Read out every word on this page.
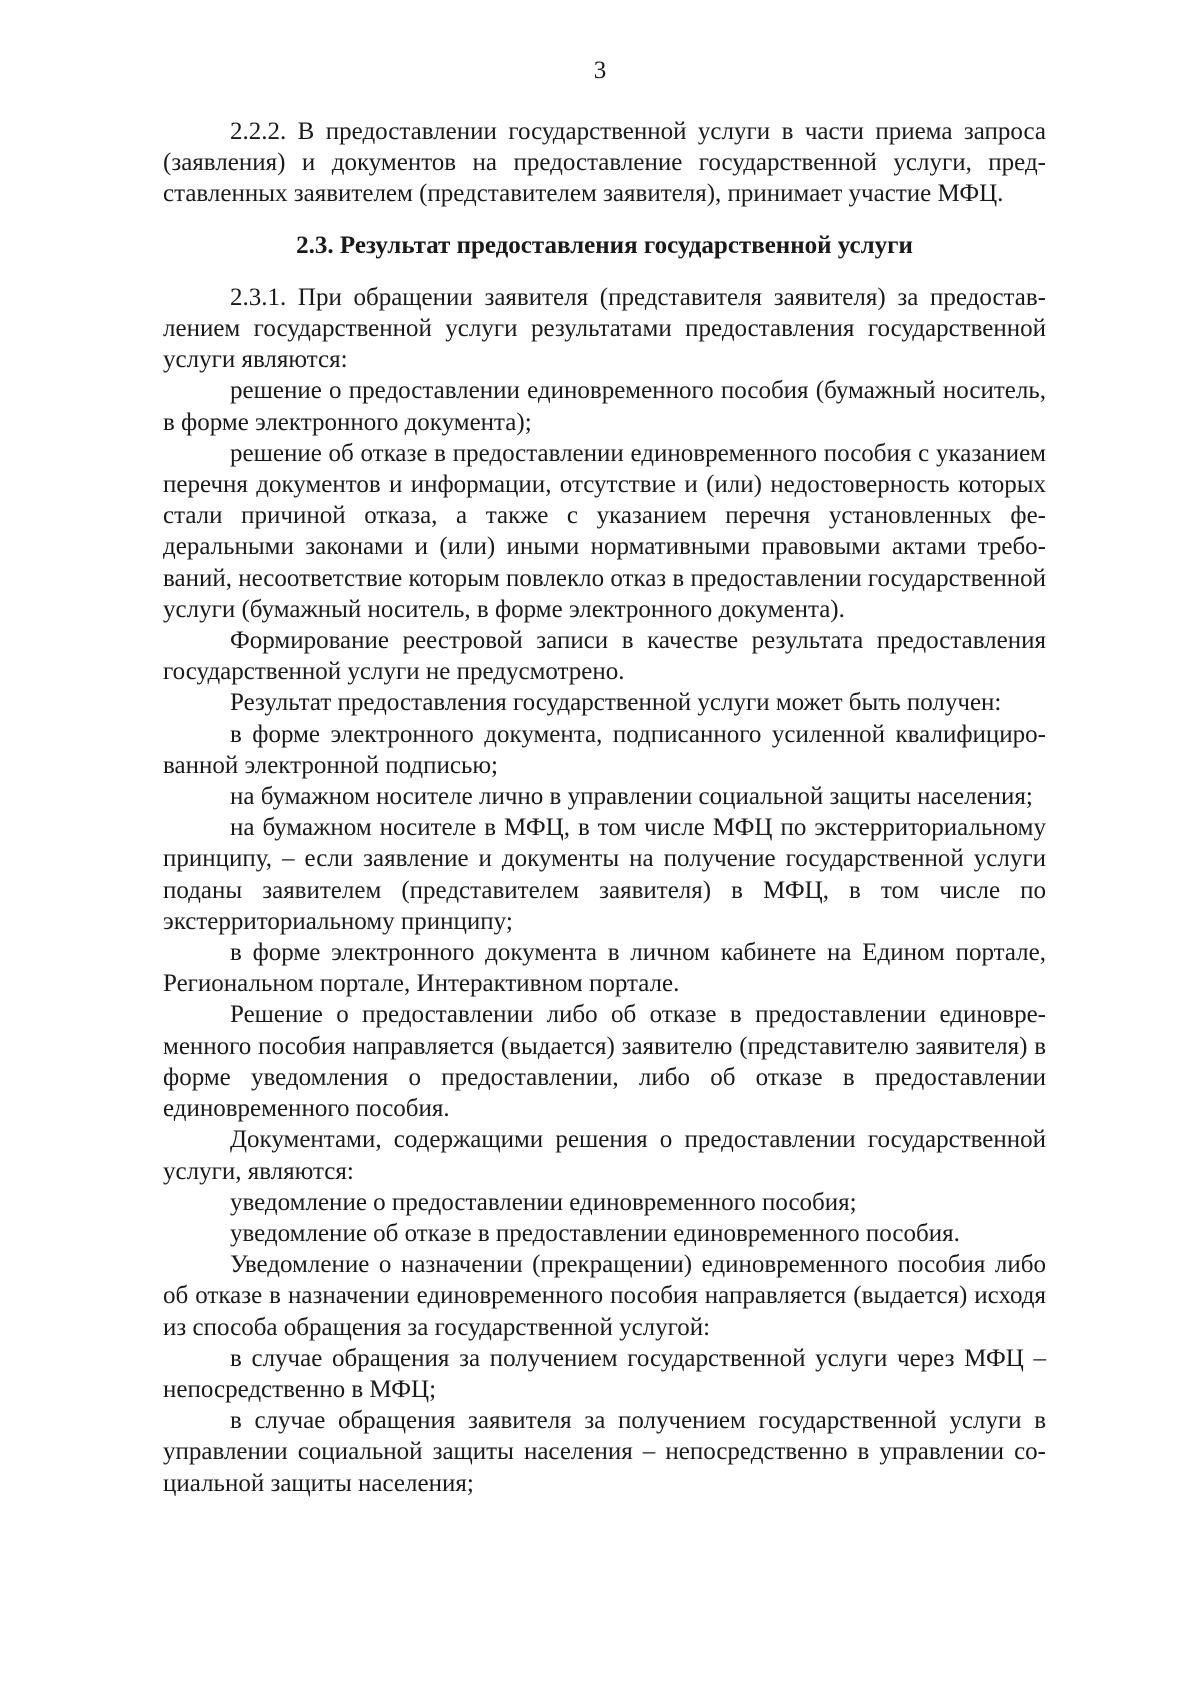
3

2.2.2. В предоставлении государственной услуги в части приема запроса (заявления) и документов на предоставление государственной услуги, представленных заявителем (представителем заявителя), принимает участие МФЦ.

2.3. Результат предоставления государственной услуги

2.3.1. При обращении заявителя (представителя заявителя) за предоставлением государственной услуги результатами предоставления государственной услуги являются:

решение о предоставлении единовременного пособия (бумажный носитель, в форме электронного документа);

решение об отказе в предоставлении единовременного пособия с указанием перечня документов и информации, отсутствие и (или) недостоверность которых стали причиной отказа, а также с указанием перечня установленных федеральными законами и (или) иными нормативными правовыми актами требований, несоответствие которым повлекло отказ в предоставлении государственной услуги (бумажный носитель, в форме электронного документа).

Формирование реестровой записи в качестве результата предоставления государственной услуги не предусмотрено.

Результат предоставления государственной услуги может быть получен:

в форме электронного документа, подписанного усиленной квалифицированной электронной подписью;

на бумажном носителе лично в управлении социальной защиты населения;

на бумажном носителе в МФЦ, в том числе МФЦ по экстерриториальному принципу, – если заявление и документы на получение государственной услуги поданы заявителем (представителем заявителя) в МФЦ, в том числе по экстерриториальному принципу;

в форме электронного документа в личном кабинете на Едином портале, Региональном портале, Интерактивном портале.

Решение о предоставлении либо об отказе в предоставлении единовременного пособия направляется (выдается) заявителю (представителю заявителя) в форме уведомления о предоставлении, либо об отказе в предоставлении единовременного пособия.

Документами, содержащими решения о предоставлении государственной услуги, являются:

уведомление о предоставлении единовременного пособия;

уведомление об отказе в предоставлении единовременного пособия.

Уведомление о назначении (прекращении) единовременного пособия либо об отказе в назначении единовременного пособия направляется (выдается) исходя из способа обращения за государственной услугой:

в случае обращения за получением государственной услуги через МФЦ – непосредственно в МФЦ;

в случае обращения заявителя за получением государственной услуги в управлении социальной защиты населения – непосредственно в управлении социальной защиты населения;
